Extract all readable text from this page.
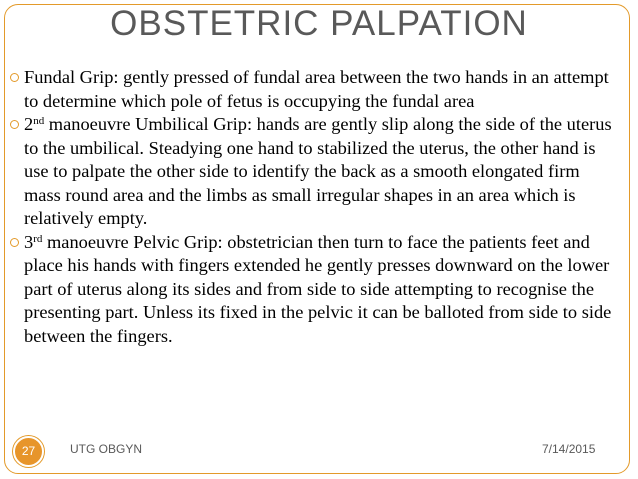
OBSTETRIC PALPATION
Fundal Grip: gently pressed of fundal area between the two hands in an attempt to determine which pole of fetus is occupying the fundal area
2nd manoeuvre Umbilical Grip: hands are gently slip along the side of the uterus to the umbilical. Steadying one hand to stabilized the uterus, the other hand is use to palpate the other side to identify the back as a smooth elongated firm mass round area and the limbs as small irregular shapes in an area which is relatively empty.
3rd manoeuvre Pelvic Grip: obstetrician then turn to face the patients feet and place his hands with fingers extended he gently presses downward on the lower part of uterus along its sides and from side to side attempting to recognise the presenting part. Unless its fixed in the pelvic it can be balloted from side to side between the fingers.
27	UTG OBGYN	7/14/2015
